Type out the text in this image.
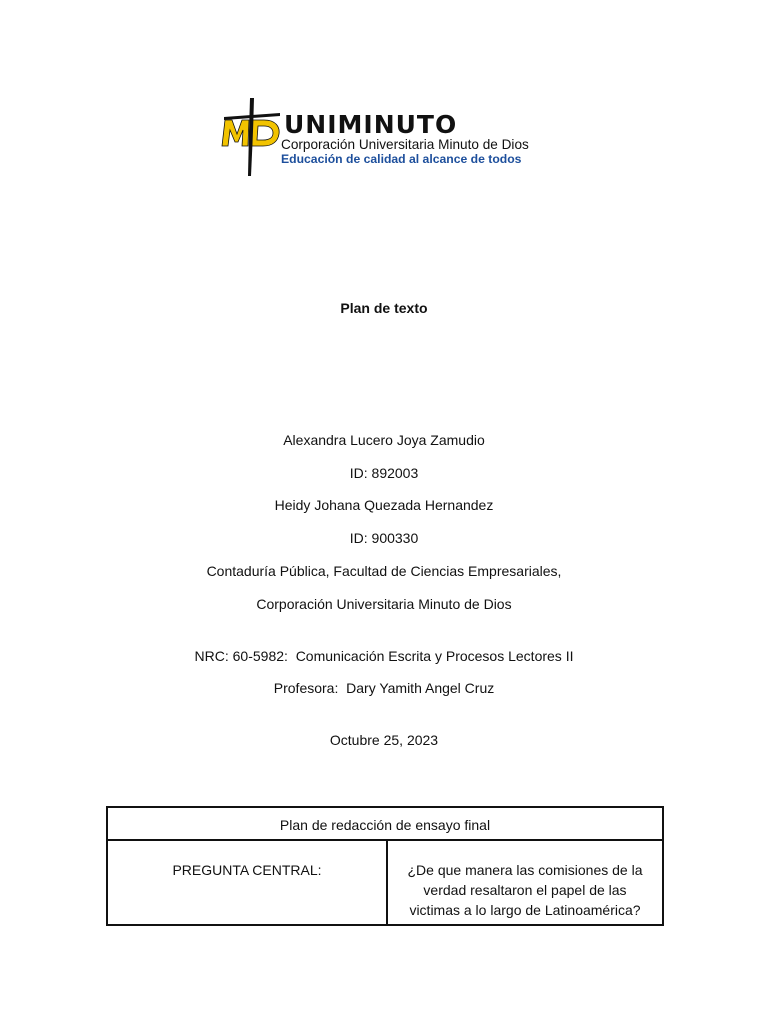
UNIMINUTO
Corporación Universitaria Minuto de Dios
Educación de calidad al alcance de todos
Plan de texto
Alexandra Lucero Joya Zamudio
ID: 892003
Heidy Johana Quezada Hernandez
ID: 900330
Contaduría Pública, Facultad de Ciencias Empresariales,
Corporación Universitaria Minuto de Dios
NRC: 60-5982:  Comunicación Escrita y Procesos Lectores II
Profesora:  Dary Yamith Angel Cruz
Octubre 25, 2023
Plan de redacción de ensayo final
PREGUNTA CENTRAL:	¿De que manera las comisiones de la verdad resaltaron el papel de las victimas a lo largo de Latinoamérica?
